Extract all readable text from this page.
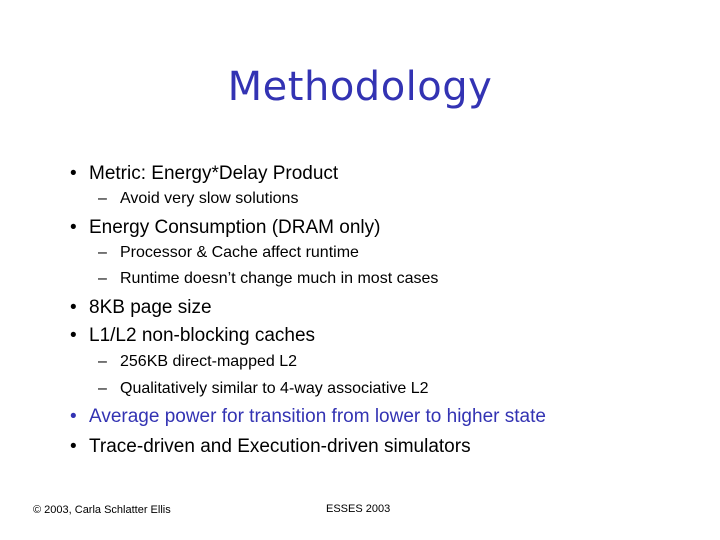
Methodology
• Metric: Energy*Delay Product
– Avoid very slow solutions
• Energy Consumption (DRAM only)
– Processor & Cache affect runtime
– Runtime doesn’t change much in most cases
• 8KB page size
• L1/L2 non-blocking caches
– 256KB direct-mapped L2
– Qualitatively similar to 4-way associative L2
• Average power for transition from lower to higher state
• Trace-driven and Execution-driven simulators
© 2003, Carla Schlatter Ellis	ESSES 2003
